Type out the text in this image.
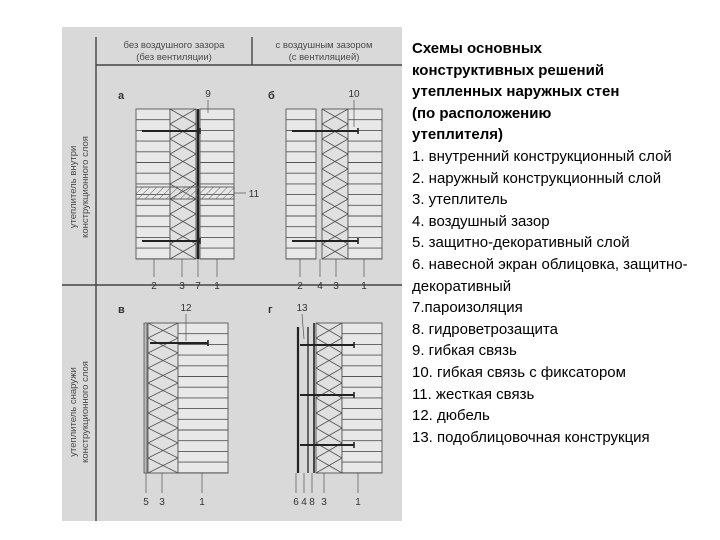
без воздушного зазора (без вентиляции)
с воздушным зазором (с вентиляцией)
утеплитель внутриконструкционного слоя
утеплитель снаружиконструкционного слоя
а	9
11
2 3 7 1
б	10
2 4 3 1
в	12
5 3	1
г 13
6 4 8 3	1
Схемы основных
конструктивных решений
утепленных наружных стен
(по расположению
утеплителя)
1. внутренний конструкционный слой
2. наружный конструкционный слой
3. утеплитель
4. воздушный зазор
5. защитно-декоративный слой
6. навесной экран облицовка, защитно-декоративный
7.пароизоляция
8. гидроветрозащита
9. гибкая связь
10. гибкая связь с фиксатором
11. жесткая связь
12. дюбель
13. подоблицовочная конструкция
